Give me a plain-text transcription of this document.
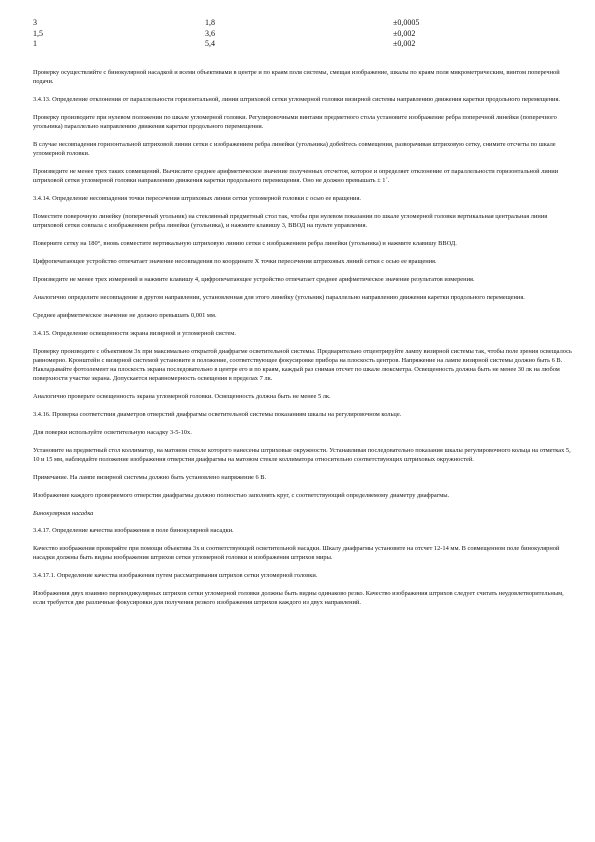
3	1,8	±0,0005
1,5	3,6	±0,002
1	5,4	±0,002

Проверку осуществляйте с бинокулярной насадкой и всеми объективами в центре и по краям поля системы, смещая изображение, шкалы по краям поля микрометрическим, винтом поперечной подачи.

3.4.13. Определение отклонения от параллельности горизонтальной, линии штриховой сетки угломерной головки визирной системы направлению движения каретки продольного перемещения.

Проверку производите при нулевом положении по шкале угломерной головки. Регулировочными винтами предметного стола установите изображение ребра поперечной линейки (поперечного угольника) параллельно направлению движения каретки продольного перемещения.

В случае несовпадения горизонтальной штриховой линии сетки с изображением ребра линейки (угольника) добейтесь совмещения, разворачивая штриховую сетку, снимите отсчеты по шкале угломерной головки.

Произведите не менее трех таких совмещений. Вычислите среднее арифметическое значение полученных отсчетов, которое и определяет отклонение от параллельности горизонтальной линии штриховой сетки угломерной головки направлению движения каретки продольного перемещения. Оно не должно превышать ± 1´.

3.4.14. Определение несовпадения точки пересечения штриховых линии сетки угломерной головки с осью ее вращения.

Поместите поверочную линейку (поперечный угольник) на стеклянный предметный стол так, чтобы при нулевом показании по шкале угломерной головки вертикальная центральная линия штриховой сетки совпала с изображением ребра линейки (угольника), и нажмите клавишу 3, ВВОД на пульте управления.

Поверните сетку на 180°, вновь совместите вертикальную штриховую линию сетки с изображением ребра линейки (угольника) и нажмите клавишу ВВОД.

Цифропечатающее устройство отпечатает значение несовпадения по координате X точки пересечения штриховых линий сетки с осью ее вращения.

Произведите не менее трех измерений и нажмите клавишу 4, цифропечатающее устройство отпечатает среднее арифметическое значение результатов измерения.

Аналогично определите несовпадение в другом направлении, установленная для этого линейку (угольник) параллельно направлению движения каретки продольного перемещения.

Среднее арифметическое значение не должно превышать 0,001 мм.

3.4.15. Определение освещенности экрана визирной и угломерной систем.

Проверку производите с объективом 3х при максимально открытой диафрагме осветительной системы. Предварительно отцентрируйте лампу визирной системы так, чтобы поле зрения освещалось равномерно. Кронштейн с визирной системой установите в положение, соответствующее фокусировке прибора на плоскость центров. Напряжение на лампе визирной системы должно быть 6 В. Накладывайте фотоэлемент на плоскость экрана последовательно в центре его и по краям, каждый раз снимая отсчет по шкале люксметра. Освещенность должна быть не менее 30 лк на любом поверхности участке экрана. Допускается неравномерность освещения в пределах 7 лк.

Аналогично проверьте освещенность экрана угломерной головки. Освещенность должна быть не менее 5 лк.

3.4.16. Проверка соответствия диаметров отверстий диафрагмы осветительной системы показаниям шкалы на регулировочном кольце.

Для поверки используйте осветительную насадку 3-5-10х.

Установите на предметный стол коллиматор, на матовом стекле которого нанесены штриховые окружности. Устанавливая последовательно показания шкалы регулировочного кольца на отметках 5, 10 и 15 мм, наблюдайте положение изображения отверстия диафрагмы на матовом стекле коллиматора относительно соответствующих штриховых окружностей.

Примечание. На лампе визирной системы должно быть установлено напряжение 6 В.

Изображение каждого проверяемого отверстия диафрагмы должно полностью заполнять круг, с соответствующий определяемому диаметру диафрагмы.

Бинокулярная насадка

3.4.17. Определение качества изображения в поле бинокулярной насадки.

Качество изображения проверяйте при помощи объектива 3х и соответствующей осветительной насадки. Шкалу диафрагмы установите на отсчет 12-14 мм. В совмещенном поле бинокулярной насадки должны быть видны изображения штрихов сетки угломерной головки и изображения штрихов миры.

3.4.17.1. Определение качества изображения путем рассматривания штрихов сетки угломерной головки.

Изображения двух взаимно перпендикулярных штрихов сетки угломерной головки должны быть видны одинаково резко. Качество изображения штрихов следует считать неудовлетворительным, если требуется две различные фокусировки для получения резкого изображения штрихов каждого из двух направлений.
